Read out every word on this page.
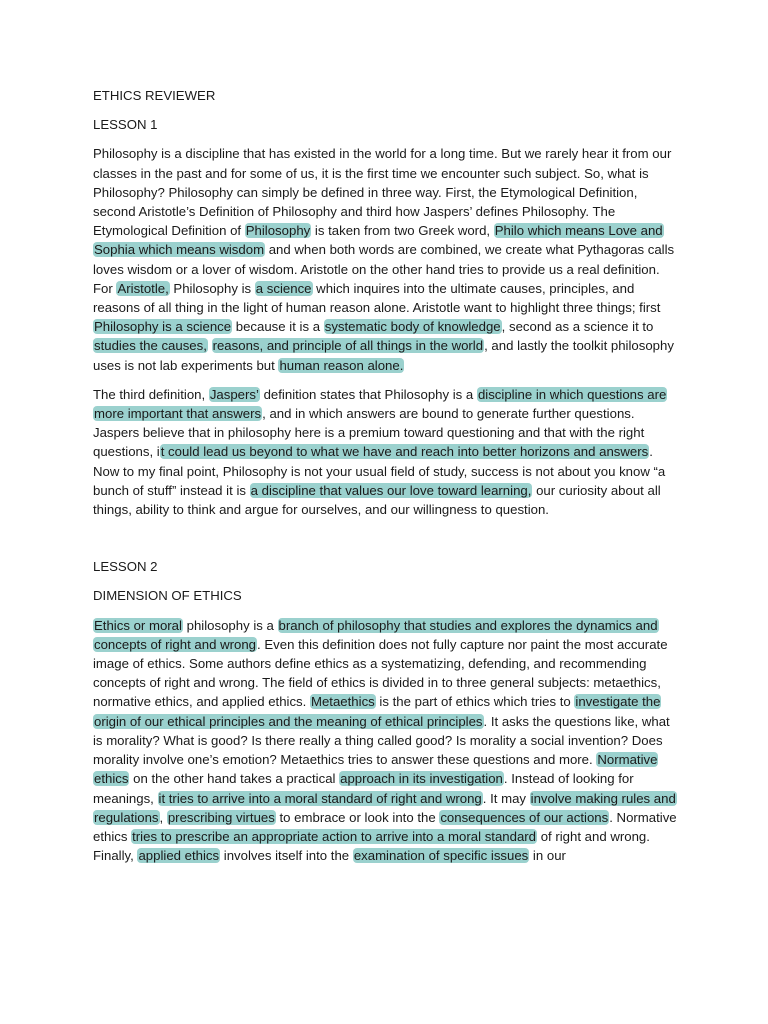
ETHICS REVIEWER
LESSON 1

Philosophy is a discipline that has existed in the world for a long time. But we rarely hear it from our classes in the past and for some of us, it is the first time we encounter such subject. So, what is Philosophy? Philosophy can simply be defined in three way. First, the Etymological Definition, second Aristotle’s Definition of Philosophy and third how Jaspers’ defines Philosophy. The Etymological Definition of Philosophy is taken from two Greek word, Philo which means Love and Sophia which means wisdom and when both words are combined, we create what Pythagoras calls loves wisdom or a lover of wisdom. Aristotle on the other hand tries to provide us a real definition. For Aristotle, Philosophy is a science which inquires into the ultimate causes, principles, and reasons of all thing in the light of human reason alone. Aristotle want to highlight three things; first Philosophy is a science because it is a systematic body of knowledge, second as a science it to studies the causes, reasons, and principle of all things in the world, and lastly the toolkit philosophy uses is not lab experiments but human reason alone.

The third definition, Jaspers’ definition states that Philosophy is a discipline in which questions are more important that answers, and in which answers are bound to generate further questions. Jaspers believe that in philosophy here is a premium toward questioning and that with the right questions, it could lead us beyond to what we have and reach into better horizons and answers. Now to my final point, Philosophy is not your usual field of study, success is not about you know “a bunch of stuff” instead it is a discipline that values our love toward learning, our curiosity about all things, ability to think and argue for ourselves, and our willingness to question.

LESSON 2
DIMENSION OF ETHICS

Ethics or moral philosophy is a branch of philosophy that studies and explores the dynamics and concepts of right and wrong. Even this definition does not fully capture nor paint the most accurate image of ethics. Some authors define ethics as a systematizing, defending, and recommending concepts of right and wrong. The field of ethics is divided in to three general subjects: metaethics, normative ethics, and applied ethics. Metaethics is the part of ethics which tries to investigate the origin of our ethical principles and the meaning of ethical principles. It asks the questions like, what is morality? What is good? Is there really a thing called good? Is morality a social invention? Does morality involve one’s emotion? Metaethics tries to answer these questions and more. Normative ethics on the other hand takes a practical approach in its investigation. Instead of looking for meanings, it tries to arrive into a moral standard of right and wrong. It may involve making rules and regulations, prescribing virtues to embrace or look into the consequences of our actions. Normative ethics tries to prescribe an appropriate action to arrive into a moral standard of right and wrong. Finally, applied ethics involves itself into the examination of specific issues in our
